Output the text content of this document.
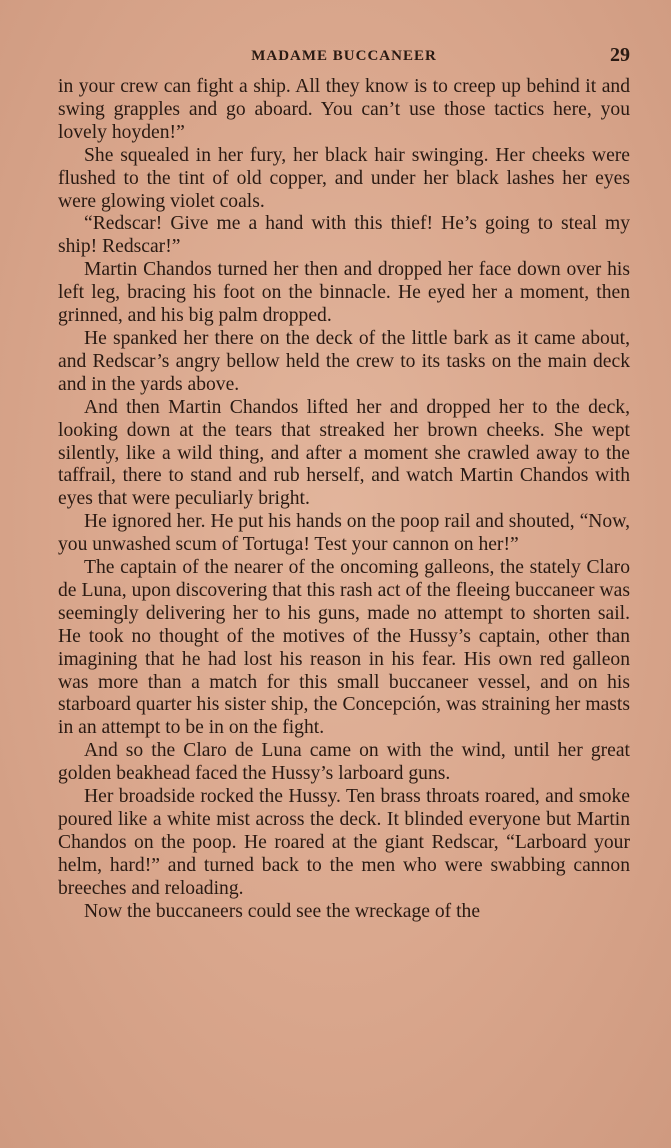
MADAME BUCCANEER	29

in your crew can fight a ship. All they know is to creep up behind it and swing grapples and go aboard. You can’t use those tactics here, you lovely hoyden!”

She squealed in her fury, her black hair swinging. Her cheeks were flushed to the tint of old copper, and under her black lashes her eyes were glowing violet coals.

“Redscar! Give me a hand with this thief! He’s going to steal my ship! Redscar!”

Martin Chandos turned her then and dropped her face down over his left leg, bracing his foot on the binnacle. He eyed her a moment, then grinned, and his big palm dropped.

He spanked her there on the deck of the little bark as it came about, and Redscar’s angry bellow held the crew to its tasks on the main deck and in the yards above.

And then Martin Chandos lifted her and dropped her to the deck, looking down at the tears that streaked her brown cheeks. She wept silently, like a wild thing, and after a moment she crawled away to the taffrail, there to stand and rub herself, and watch Martin Chandos with eyes that were peculiarly bright.

He ignored her. He put his hands on the poop rail and shouted, “Now, you unwashed scum of Tortuga! Test your cannon on her!”

The captain of the nearer of the oncoming galleons, the stately Claro de Luna, upon discovering that this rash act of the fleeing buccaneer was seemingly delivering her to his guns, made no attempt to shorten sail. He took no thought of the motives of the Hussy’s captain, other than imagining that he had lost his reason in his fear. His own red galleon was more than a match for this small buccaneer vessel, and on his starboard quarter his sister ship, the Concepción, was straining her masts in an attempt to be in on the fight.

And so the Claro de Luna came on with the wind, until her great golden beakhead faced the Hussy’s larboard guns.

Her broadside rocked the Hussy. Ten brass throats roared, and smoke poured like a white mist across the deck. It blinded everyone but Martin Chandos on the poop. He roared at the giant Redscar, “Larboard your helm, hard!” and turned back to the men who were swabbing cannon breeches and reloading.

Now the buccaneers could see the wreckage of the
